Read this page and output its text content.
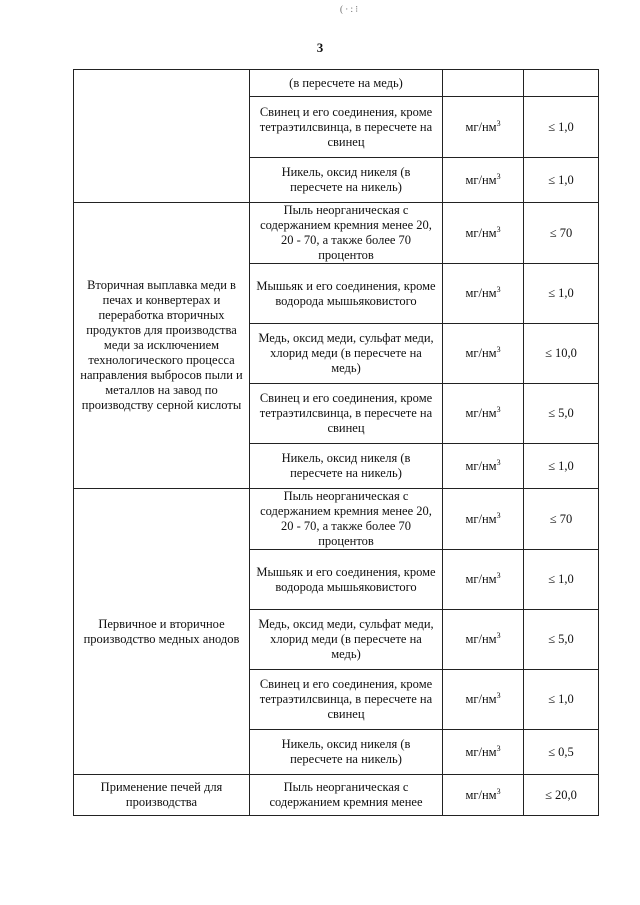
3
( · : ⁝
	(в пересчете на медь)		
	Свинец и его соединения, кроме тетраэтилсвинца, в пересчете на свинец	$мг/нм^3$	≤ 1,0
	Никель, оксид никеля (в пересчете на никель)	$мг/нм^3$	≤ 1,0
Вторичная выплавка меди в печах и конвертерах и переработка вторичных продуктов для производства меди за исключением технологического процесса направления выбросов пыли и металлов на завод по производству серной кислоты	Пыль неорганическая с содержанием кремния менее 20, 20 - 70, а также более 70 процентов	$мг/нм^3$	≤ 70
	Мышьяк и его соединения, кроме водорода мышьяковистого	$мг/нм^3$	≤ 1,0
	Медь, оксид меди, сульфат меди, хлорид меди (в пересчете на медь)	$мг/нм^3$	≤ 10,0
	Свинец и его соединения, кроме тетраэтилсвинца, в пересчете на свинец	$мг/нм^3$	≤ 5,0
	Никель, оксид никеля (в пересчете на никель)	$мг/нм^3$	≤ 1,0
Первичное и вторичное производство медных анодов	Пыль неорганическая с содержанием кремния менее 20, 20 - 70, а также более 70 процентов	$мг/нм^3$	≤ 70
	Мышьяк и его соединения, кроме водорода мышьяковистого	$мг/нм^3$	≤ 1,0
	Медь, оксид меди, сульфат меди, хлорид меди (в пересчете на медь)	$мг/нм^3$	≤ 5,0
	Свинец и его соединения, кроме тетраэтилсвинца, в пересчете на свинец	$мг/нм^3$	≤ 1,0
	Никель, оксид никеля (в пересчете на никель)	$мг/нм^3$	≤ 0,5
Применение печей для производства	Пыль неорганическая с содержанием кремния менее	$мг/нм^3$	≤ 20,0
